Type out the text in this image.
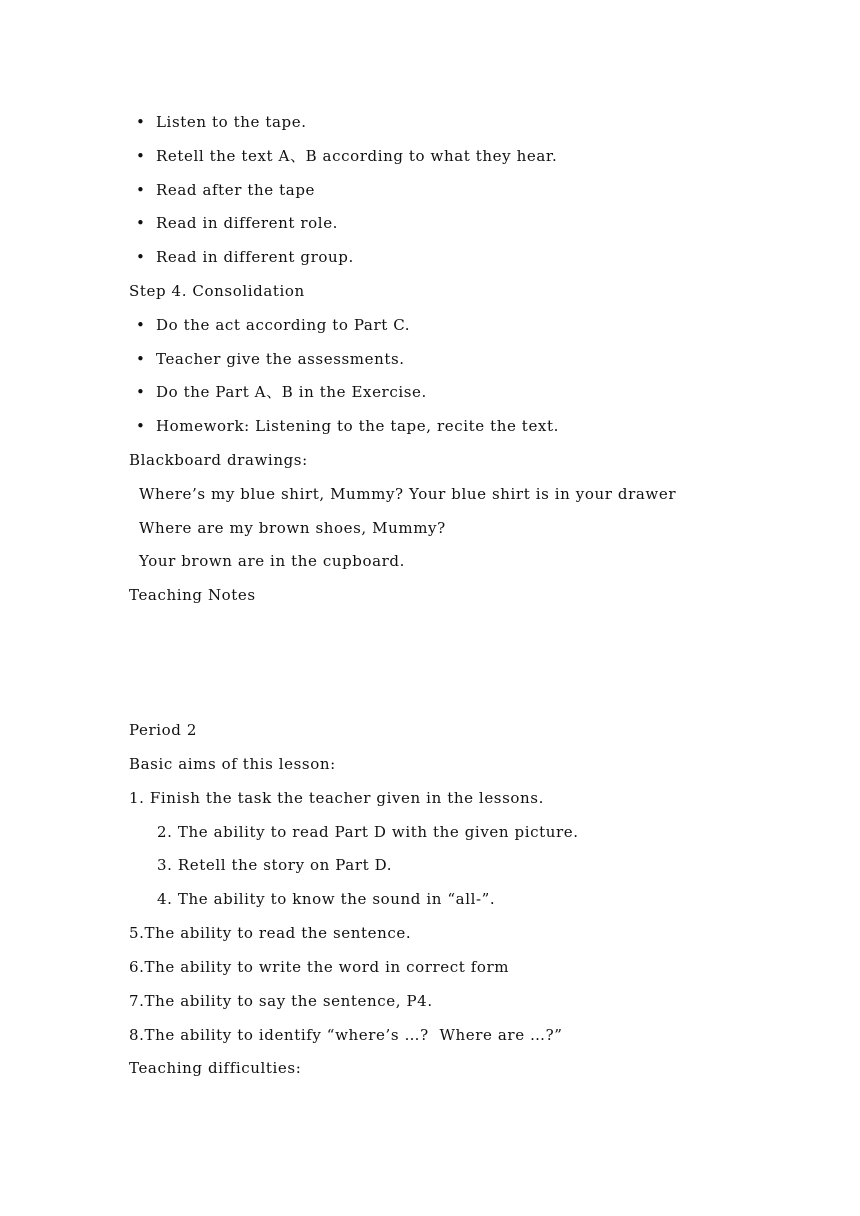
• Listen to the tape.
• Retell the text A、B according to what they hear.
• Read after the tape
• Read in different role.
• Read in different group.
Step 4. Consolidation
• Do the act according to Part C.
• Teacher give the assessments.
• Do the Part A、B in the Exercise.
• Homework: Listening to the tape, recite the text.
Blackboard drawings:
Where’s my blue shirt, Mummy? Your blue shirt is in your drawer
Where are my brown shoes, Mummy?
Your brown are in the cupboard.
Teaching Notes
Period 2
Basic aims of this lesson:
1. Finish the task the teacher given in the lessons.
2. The ability to read Part D with the given picture.
3. Retell the story on Part D.
4. The ability to know the sound in “all-”.
5.The ability to read the sentence.
6.The ability to write the word in correct form
7.The ability to say the sentence, P4.
8.The ability to identify “where’s …?  Where are …?”
Teaching difficulties:
